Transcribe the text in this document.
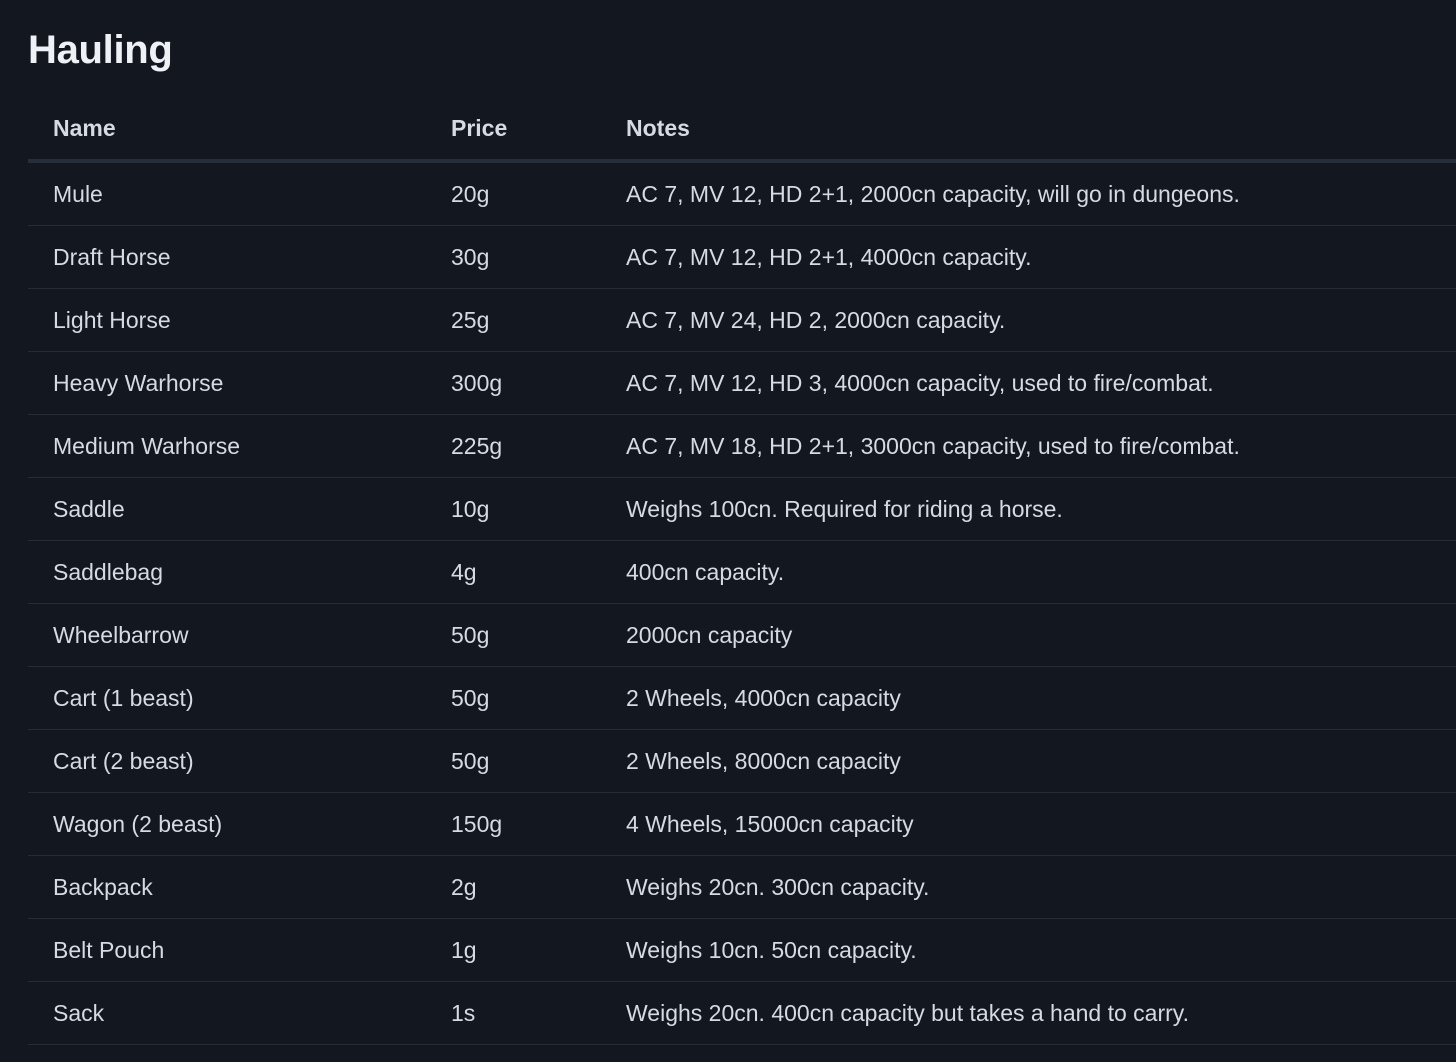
Hauling
Name	Price	Notes
Mule	20g	AC 7, MV 12, HD 2+1, 2000cn capacity, will go in dungeons.
Draft Horse	30g	AC 7, MV 12, HD 2+1, 4000cn capacity.
Light Horse	25g	AC 7, MV 24, HD 2, 2000cn capacity.
Heavy Warhorse	300g	AC 7, MV 12, HD 3, 4000cn capacity, used to fire/combat.
Medium Warhorse	225g	AC 7, MV 18, HD 2+1, 3000cn capacity, used to fire/combat.
Saddle	10g	Weighs 100cn. Required for riding a horse.
Saddlebag	4g	400cn capacity.
Wheelbarrow	50g	2000cn capacity
Cart (1 beast)	50g	2 Wheels, 4000cn capacity
Cart (2 beast)	50g	2 Wheels, 8000cn capacity
Wagon (2 beast)	150g	4 Wheels, 15000cn capacity
Backpack	2g	Weighs 20cn. 300cn capacity.
Belt Pouch	1g	Weighs 10cn. 50cn capacity.
Sack	1s	Weighs 20cn. 400cn capacity but takes a hand to carry.
